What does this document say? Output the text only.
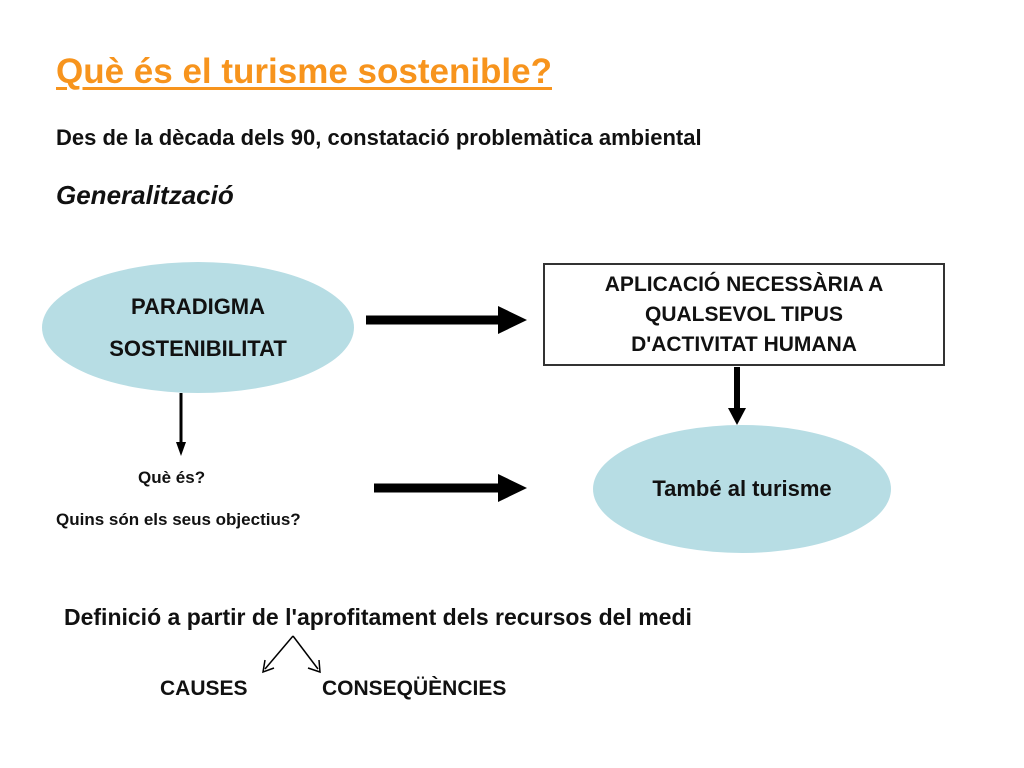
Què és el turisme sostenible?
Des de la dècada dels 90, constatació problemàtica ambiental
Generalització
PARADIGMA
SOSTENIBILITAT
APLICACIÓ NECESSÀRIA A
QUALSEVOL TIPUS
D'ACTIVITAT HUMANA
També al turisme
Què és?
Quins són els seus objectius?
Definició a partir de l'aprofitament dels recursos del medi
CAUSES	CONSEQÜÈNCIES
